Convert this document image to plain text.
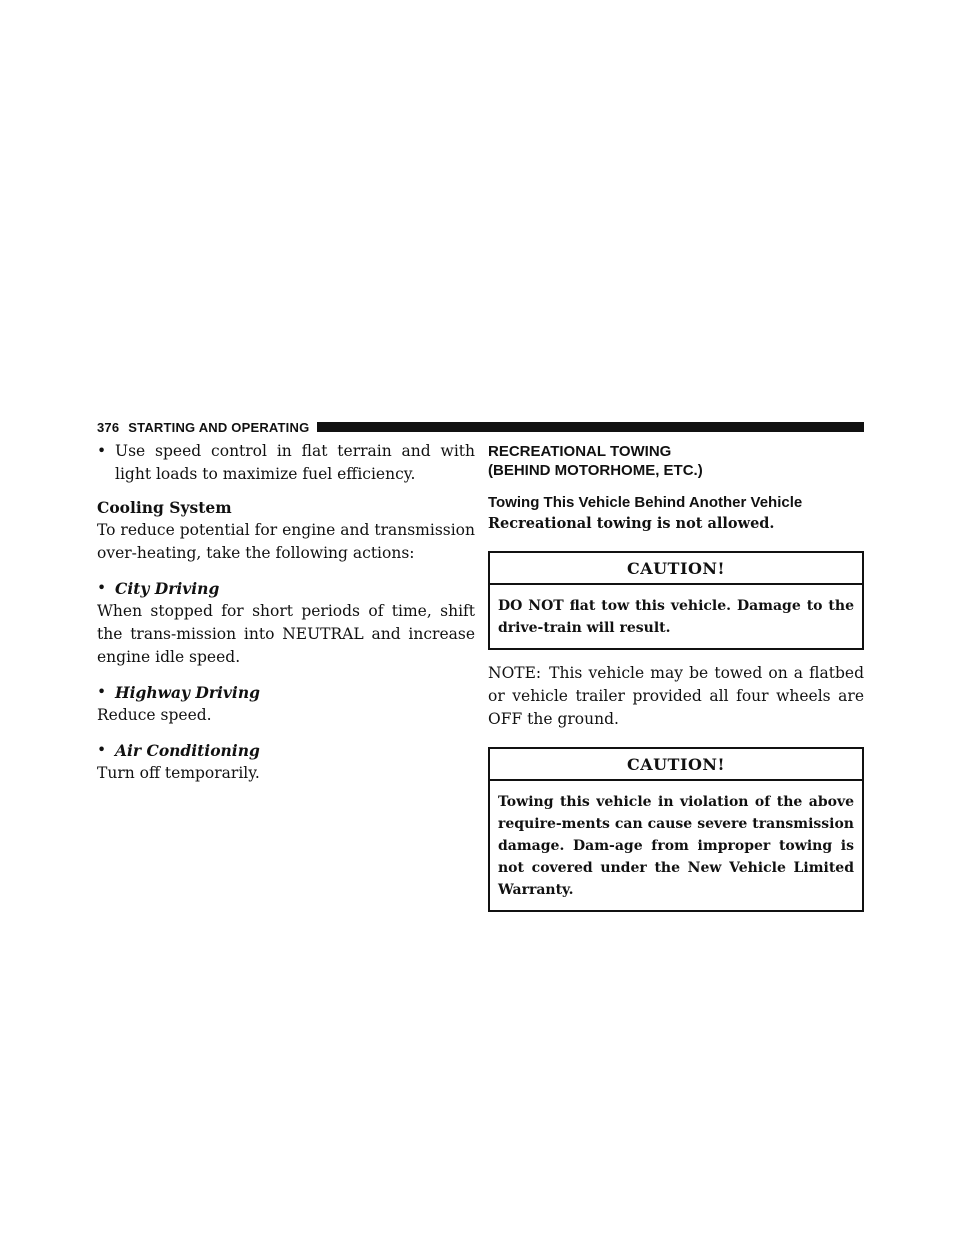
376 STARTING AND OPERATING
• Use speed control in flat terrain and with light loads to maximize fuel efficiency.

Cooling System

To reduce potential for engine and transmission over-heating, take the following actions:

• City Driving

When stopped for short periods of time, shift the trans-mission into NEUTRAL and increase engine idle speed.

• Highway Driving

Reduce speed.

• Air Conditioning

Turn off temporarily.

RECREATIONAL TOWING
(BEHIND MOTORHOME, ETC.)
Towing This Vehicle Behind Another Vehicle

Recreational towing is not allowed.

CAUTION!
DO NOT flat tow this vehicle. Damage to the drive-train will result.

NOTE: This vehicle may be towed on a flatbed or vehicle trailer provided all four wheels are OFF the ground.

CAUTION!
Towing this vehicle in violation of the above require-ments can cause severe transmission damage. Dam-age from improper towing is not covered under the New Vehicle Limited Warranty.
